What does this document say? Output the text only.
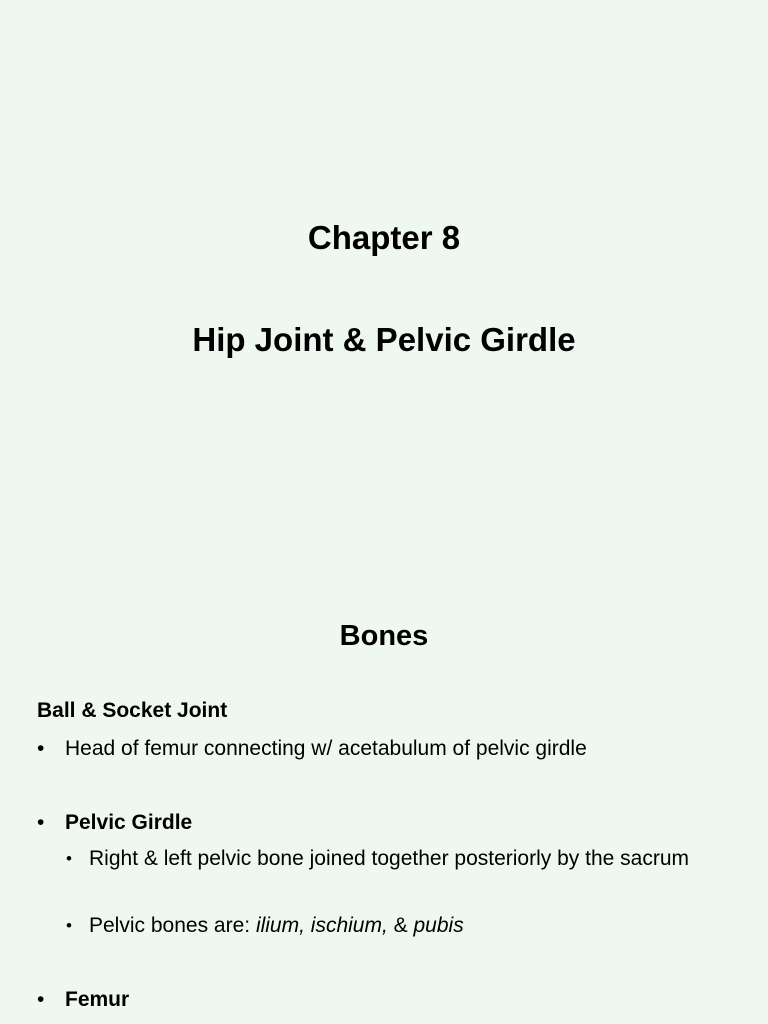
Chapter 8
Hip Joint & Pelvic Girdle
Bones

Ball & Socket Joint

• Head of femur connecting w/ acetabulum of pelvic girdle
• Pelvic Girdle
• Right & left pelvic bone joined together posteriorly by the sacrum
• Pelvic bones are: ilium, ischium, & pubis
• Femur
